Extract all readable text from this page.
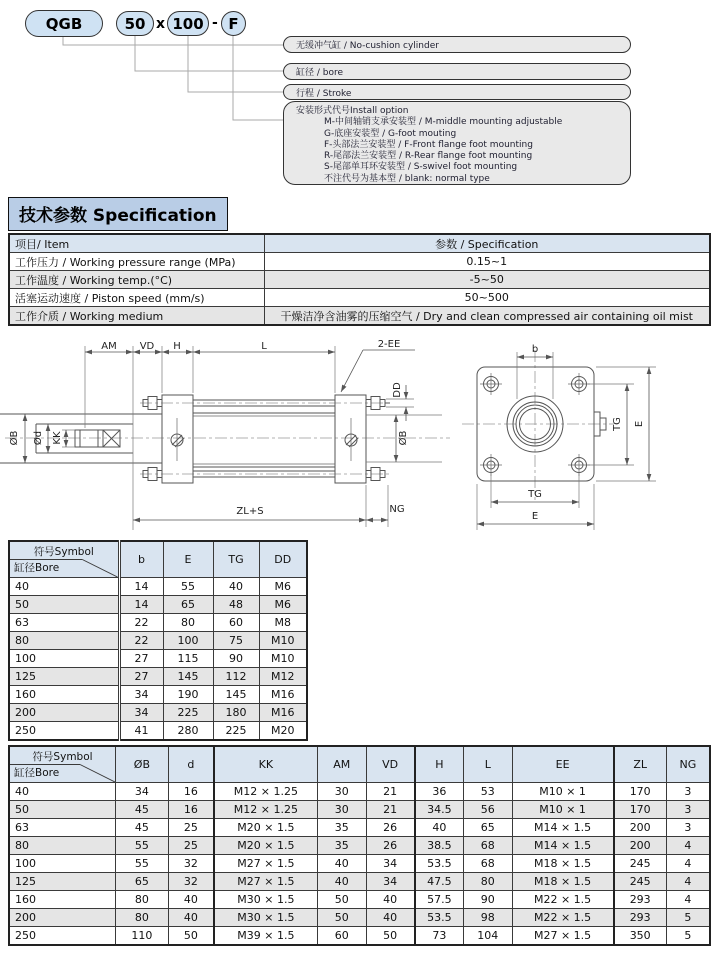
QGB	50 x 100 - F
无缓冲气缸 / No-cushion cylinder
缸径 / bore
行程 / Stroke
安装形式代号Install option
M-中间轴销支承安装型 / M-middle mounting adjustable
G-底座安装型 / G-foot mouting
F-头部法兰安装型 / F-Front flange foot mounting
R-尾部法兰安装型 / R-Rear flange foot mounting
S-尾部单耳环安装型 / S-swivel foot mounting
不注代号为基本型 / blank: normal type
技术参数 Specification
项目/ Item	参数 / Specification
工作压力 / Working pressure range (MPa)	0.15~1
工作温度 / Working temp.(°C)	-5~50
活塞运动速度 / Piston speed (mm/s)	50~500
工作介质 / Working medium	干燥洁净含油雾的压缩空气 / Dry and clean compressed air containing oil mist
AM VD H	L	2-EE
DD
ØB Ød KK	ØB
ZL+S	NG
b
TG E
TG
E
符号Symbol
缸径Bore	b	E	TG	DD
40	14	55	40	M6
50	14	65	48	M6
63	22	80	60	M8
80	22	100	75	M10
100	27	115	90	M10
125	27	145	112	M12
160	34	190	145	M16
200	34	225	180	M16
250	41	280	225	M20
符号Symbol
缸径Bore	ØB	d	KK	AM	VD	H	L	EE	ZL	NG
40	34	16	M12 × 1.25	30	21	36	53	M10 × 1	170	3
50	45	16	M12 × 1.25	30	21	34.5	56	M10 × 1	170	3
63	45	25	M20 × 1.5	35	26	40	65	M14 × 1.5	200	3
80	55	25	M20 × 1.5	35	26	38.5	68	M14 × 1.5	200	4
100	55	32	M27 × 1.5	40	34	53.5	68	M18 × 1.5	245	4
125	65	32	M27 × 1.5	40	34	47.5	80	M18 × 1.5	245	4
160	80	40	M30 × 1.5	50	40	57.5	90	M22 × 1.5	293	4
200	80	40	M30 × 1.5	50	40	53.5	98	M22 × 1.5	293	5
250	110	50	M39 × 1.5	60	50	73	104	M27 × 1.5	350	5
